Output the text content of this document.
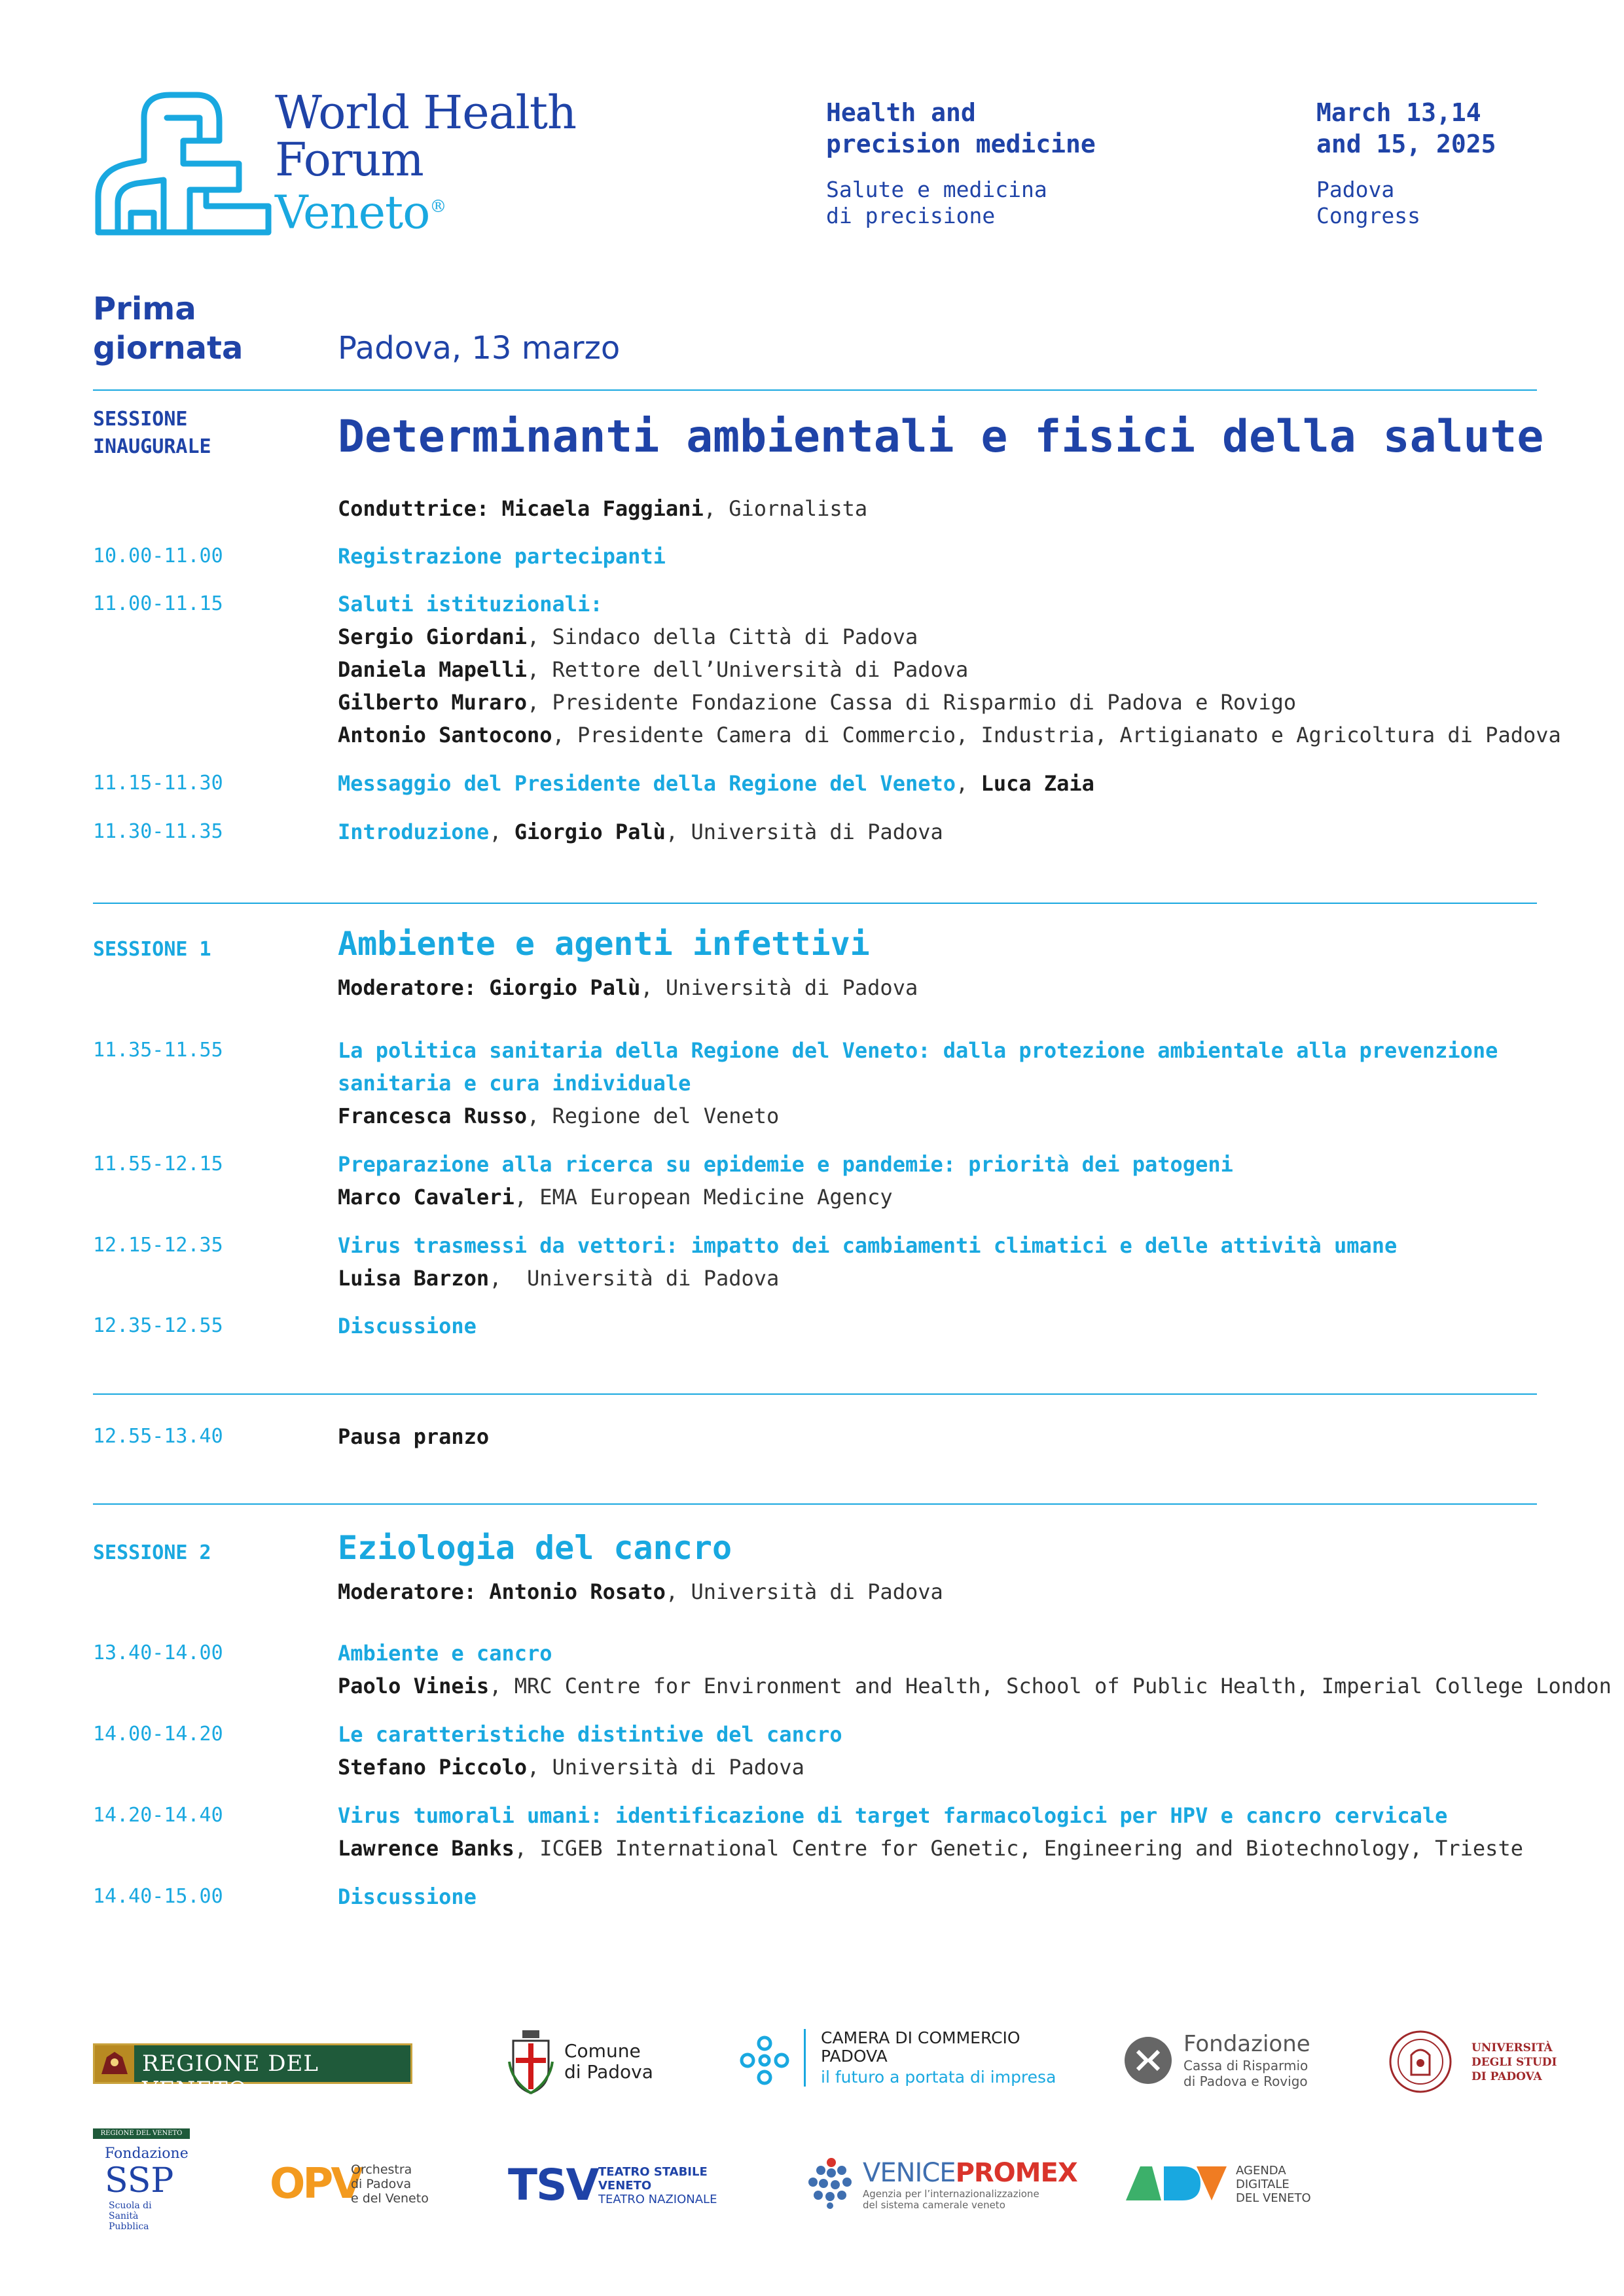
World Health
Forum
Veneto®
Health and
precision medicine
Salute e medicina
di precisione
March 13,14
and 15, 2025
Padova
Congress
Prima
giornata	Padova, 13 marzo
SESSIONE
INAUGURALE	Determinanti ambientali e fisici della salute
Conduttrice: Micaela Faggiani, Giornalista
10.00-11.00	Registrazione partecipanti
11.00-11.15	Saluti istituzionali:
Sergio Giordani, Sindaco della Città di Padova
Daniela Mapelli, Rettore dell’Università di Padova
Gilberto Muraro, Presidente Fondazione Cassa di Risparmio di Padova e Rovigo
Antonio Santocono, Presidente Camera di Commercio, Industria, Artigianato e Agricoltura di Padova
11.15-11.30	Messaggio del Presidente della Regione del Veneto, Luca Zaia
11.30-11.35	Introduzione, Giorgio Palù, Università di Padova
SESSIONE 1	Ambiente e agenti infettivi
Moderatore: Giorgio Palù, Università di Padova
11.35-11.55	La politica sanitaria della Regione del Veneto: dalla protezione ambientale alla prevenzione
sanitaria e cura individuale
Francesca Russo, Regione del Veneto
11.55-12.15	Preparazione alla ricerca su epidemie e pandemie: priorità dei patogeni
Marco Cavaleri, EMA European Medicine Agency
12.15-12.35	Virus trasmessi da vettori: impatto dei cambiamenti climatici e delle attività umane
Luisa Barzon,  Università di Padova
12.35-12.55	Discussione
12.55-13.40	Pausa pranzo
SESSIONE 2	Eziologia del cancro
Moderatore: Antonio Rosato, Università di Padova
13.40-14.00	Ambiente e cancro
Paolo Vineis, MRC Centre for Environment and Health, School of Public Health, Imperial College London
14.00-14.20	Le caratteristiche distintive del cancro
Stefano Piccolo, Università di Padova
14.20-14.40	Virus tumorali umani: identificazione di target farmacologici per HPV e cancro cervicale
Lawrence Banks, ICGEB International Centre for Genetic, Engineering and Biotechnology, Trieste
14.40-15.00	Discussione
REGIONE DEL VENETO
Comune
di Padova
CAMERA DI COMMERCIO
PADOVA
il futuro a portata di impresa
Fondazione
Cassa di Risparmio
di Padova e Rovigo
UNIVERSITÀ
DEGLI STUDI
DI PADOVA
REGIONE DEL VENETO
Fondazione
SSP
Scuola di
Sanità
Pubblica
OPV
Orchestra
di Padova
e del Veneto TSV TEATRO STABILE
VENETO
TEATRO NAZIONALE
VENICEPROMEX
Agenzia per l’internazionalizzazione
del sistema camerale veneto
AGENDA
DIGITALE
DEL VENETO
